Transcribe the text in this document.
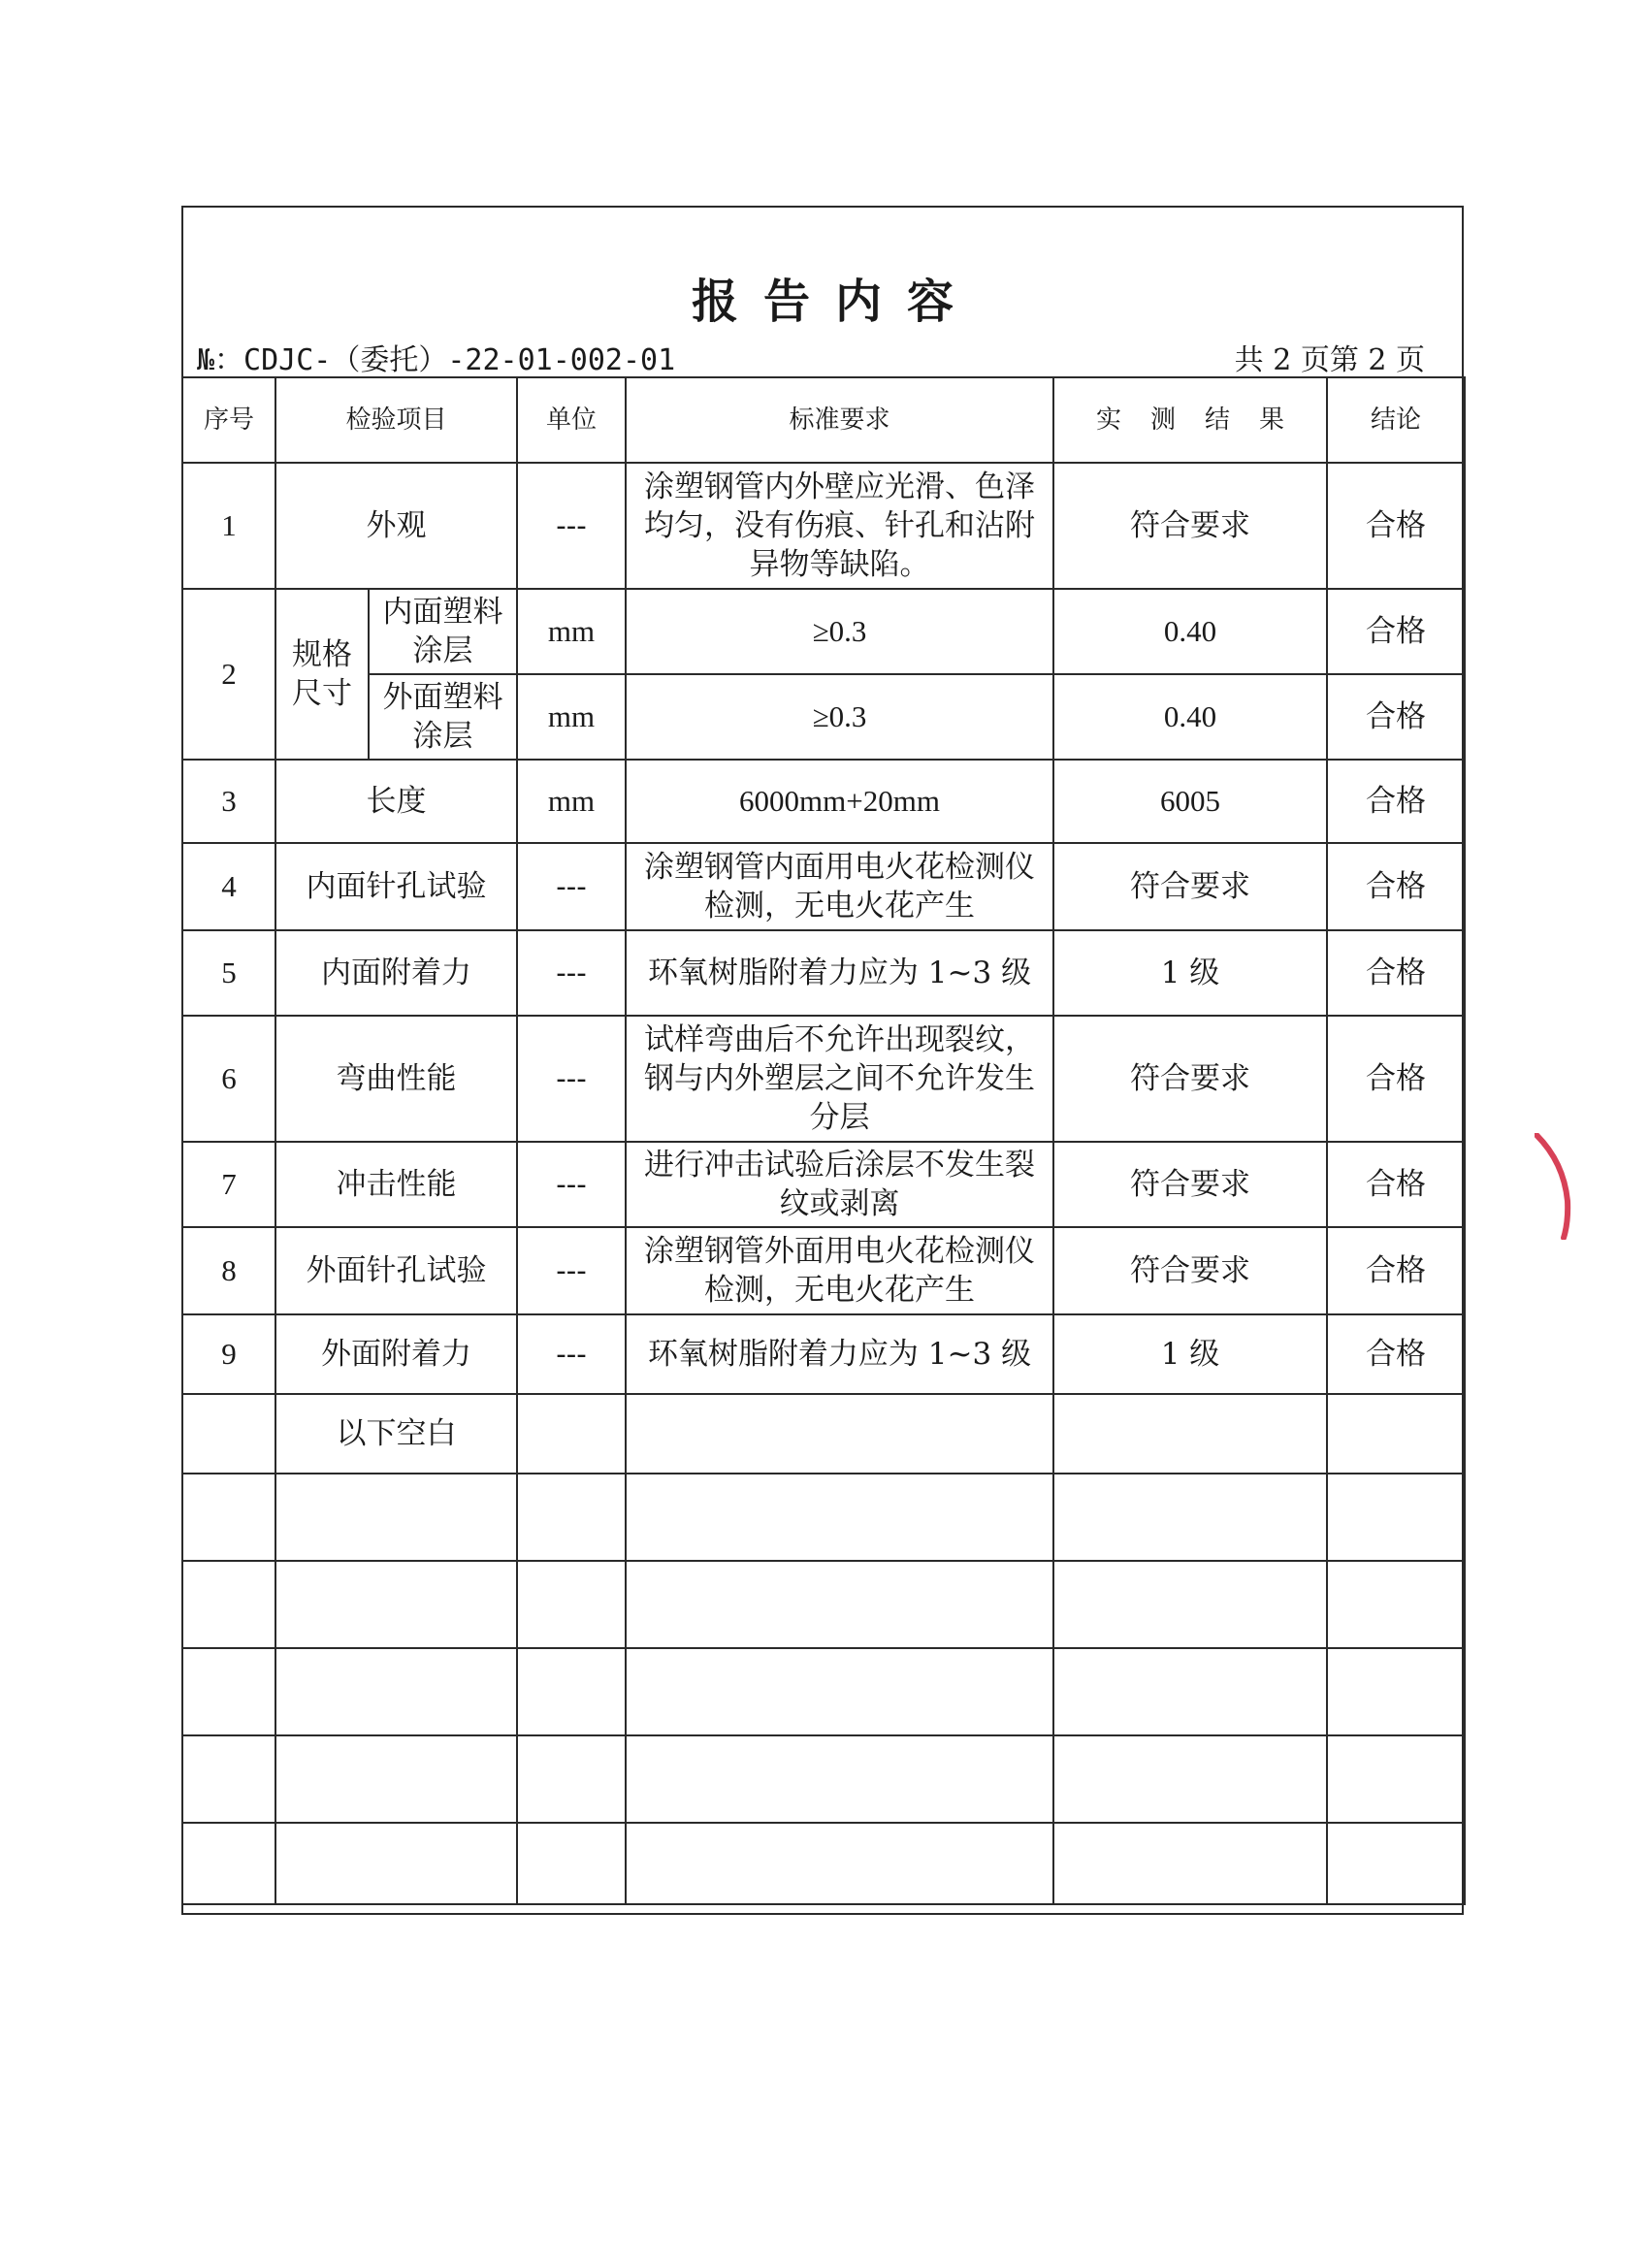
报告内容
№：CDJC-（委托）-22-01-002-01	共 2 页第 2 页
序号	检验项目		单位	标准要求	实测结果	结论
1	外观		---	涂塑钢管内外壁应光滑、色泽均匀，没有伤痕、针孔和沾附异物等缺陷。	符合要求	合格
2	规格尺寸	内面塑料涂层	mm	≥0.3	0.40	合格
		外面塑料涂层	mm	≥0.3	0.40	合格
3	长度		mm	6000mm+20mm	6005	合格
4	内面针孔试验		---	涂塑钢管内面用电火花检测仪检测，无电火花产生	符合要求	合格
5	内面附着力		---	环氧树脂附着力应为 1~3 级	1 级	合格
6	弯曲性能		---	试样弯曲后不允许出现裂纹，钢与内外塑层之间不允许发生分层	符合要求	合格
7	冲击性能		---	进行冲击试验后涂层不发生裂纹或剥离	符合要求	合格
8	外面针孔试验		---	涂塑钢管外面用电火花检测仪检测，无电火花产生	符合要求	合格
9	外面附着力		---	环氧树脂附着力应为 1~3 级	1 级	合格
	以下空白					
